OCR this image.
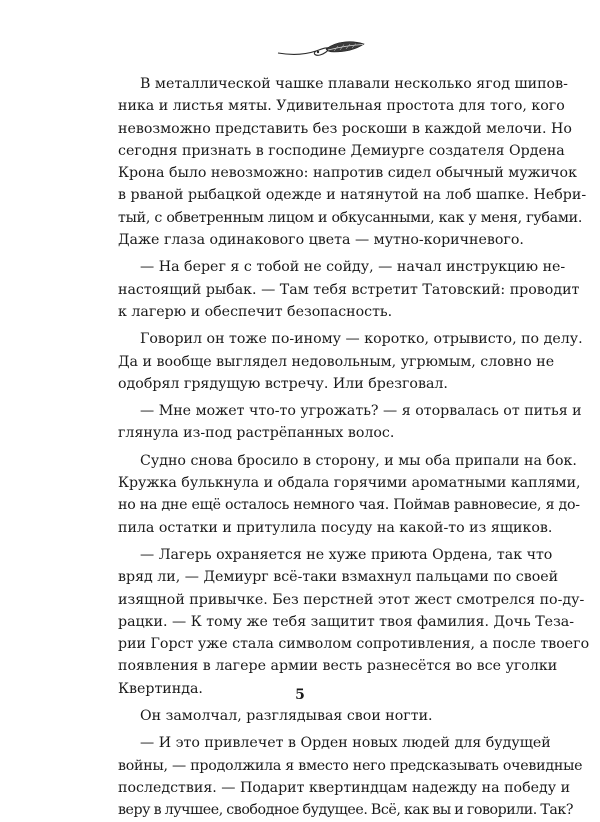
В металлической чашке плавали несколько ягод шипов-
ника и листья мяты. Удивительная простота для того, кого
невозможно представить без роскоши в каждой мелочи. Но
сегодня признать в господине Демиурге создателя Ордена
Крона было невозможно: напротив сидел обычный мужичок
в рваной рыбацкой одежде и натянутой на лоб шапке. Небри-
тый, с обветренным лицом и обкусанными, как у меня, губами.
Даже глаза одинакового цвета — мутно-коричневого.

— На берег я с тобой не сойду, — начал инструкцию не-
настоящий рыбак. — Там тебя встретит Татовский: проводит
к лагерю и обеспечит безопасность.

Говорил он тоже по-иному — коротко, отрывисто, по делу.
Да и вообще выглядел недовольным, угрюмым, словно не
одобрял грядущую встречу. Или брезговал.

— Мне может что-то угрожать? — я оторвалась от питья и
глянула из-под растрёпанных волос.

Судно снова бросило в сторону, и мы оба припали на бок.
Кружка булькнула и обдала горячими ароматными каплями,
но на дне ещё осталось немного чая. Поймав равновесие, я до-
пила остатки и притулила посуду на какой-то из ящиков.

— Лагерь охраняется не хуже приюта Ордена, так что
вряд ли, — Демиург всё-таки взмахнул пальцами по своей
изящной привычке. Без перстней этот жест смотрелся по-ду-
рацки. — К тому же тебя защитит твоя фамилия. Дочь Теза-
рии Горст уже стала символом сопротивления, а после твоего
появления в лагере армии весть разнесётся во все уголки
Квертинда.

Он замолчал, разглядывая свои ногти.

— И это привлечет в Орден новых людей для будущей
войны, — продолжила я вместо него предсказывать очевидные
последствия. — Подарит квертиндцам надежду на победу и
веру в лучшее, свободное будущее. Всё, как вы и говорили. Так?

5
